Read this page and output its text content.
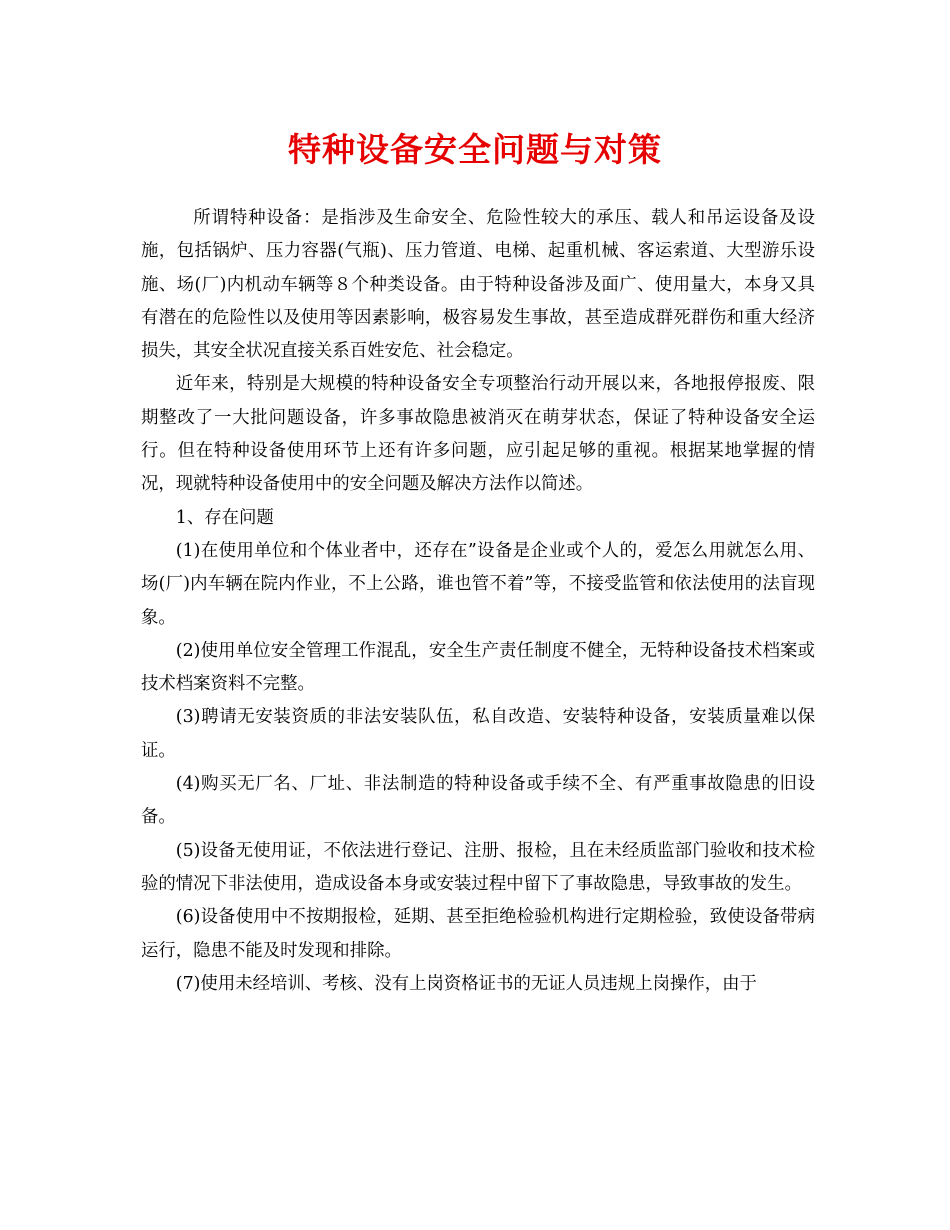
特种设备安全问题与对策

所谓特种设备：是指涉及生命安全、危险性较大的承压、载人和吊运设备及设施，包括锅炉、压力容器(气瓶)、压力管道、电梯、起重机械、客运索道、大型游乐设施、场(厂)内机动车辆等８个种类设备。由于特种设备涉及面广、使用量大，本身又具有潜在的危险性以及使用等因素影响，极容易发生事故，甚至造成群死群伤和重大经济损失，其安全状况直接关系百姓安危、社会稳定。

近年来，特别是大规模的特种设备安全专项整治行动开展以来，各地报停报废、限期整改了一大批问题设备，许多事故隐患被消灭在萌芽状态，保证了特种设备安全运行。但在特种设备使用环节上还有许多问题，应引起足够的重视。根据某地掌握的情况，现就特种设备使用中的安全问题及解决方法作以简述。

1、存在问题

(1)在使用单位和个体业者中，还存在”设备是企业或个人的，爱怎么用就怎么用、场(厂)内车辆在院内作业，不上公路，谁也管不着”等，不接受监管和依法使用的法盲现象。

(2)使用单位安全管理工作混乱，安全生产责任制度不健全，无特种设备技术档案或技术档案资料不完整。

(3)聘请无安装资质的非法安装队伍，私自改造、安装特种设备，安装质量难以保证。

(4)购买无厂名、厂址、非法制造的特种设备或手续不全、有严重事故隐患的旧设备。

(5)设备无使用证，不依法进行登记、注册、报检，且在未经质监部门验收和技术检验的情况下非法使用，造成设备本身或安装过程中留下了事故隐患，导致事故的发生。

(6)设备使用中不按期报检，延期、甚至拒绝检验机构进行定期检验，致使设备带病运行，隐患不能及时发现和排除。

(7)使用未经培训、考核、没有上岗资格证书的无证人员违规上岗操作，由于
